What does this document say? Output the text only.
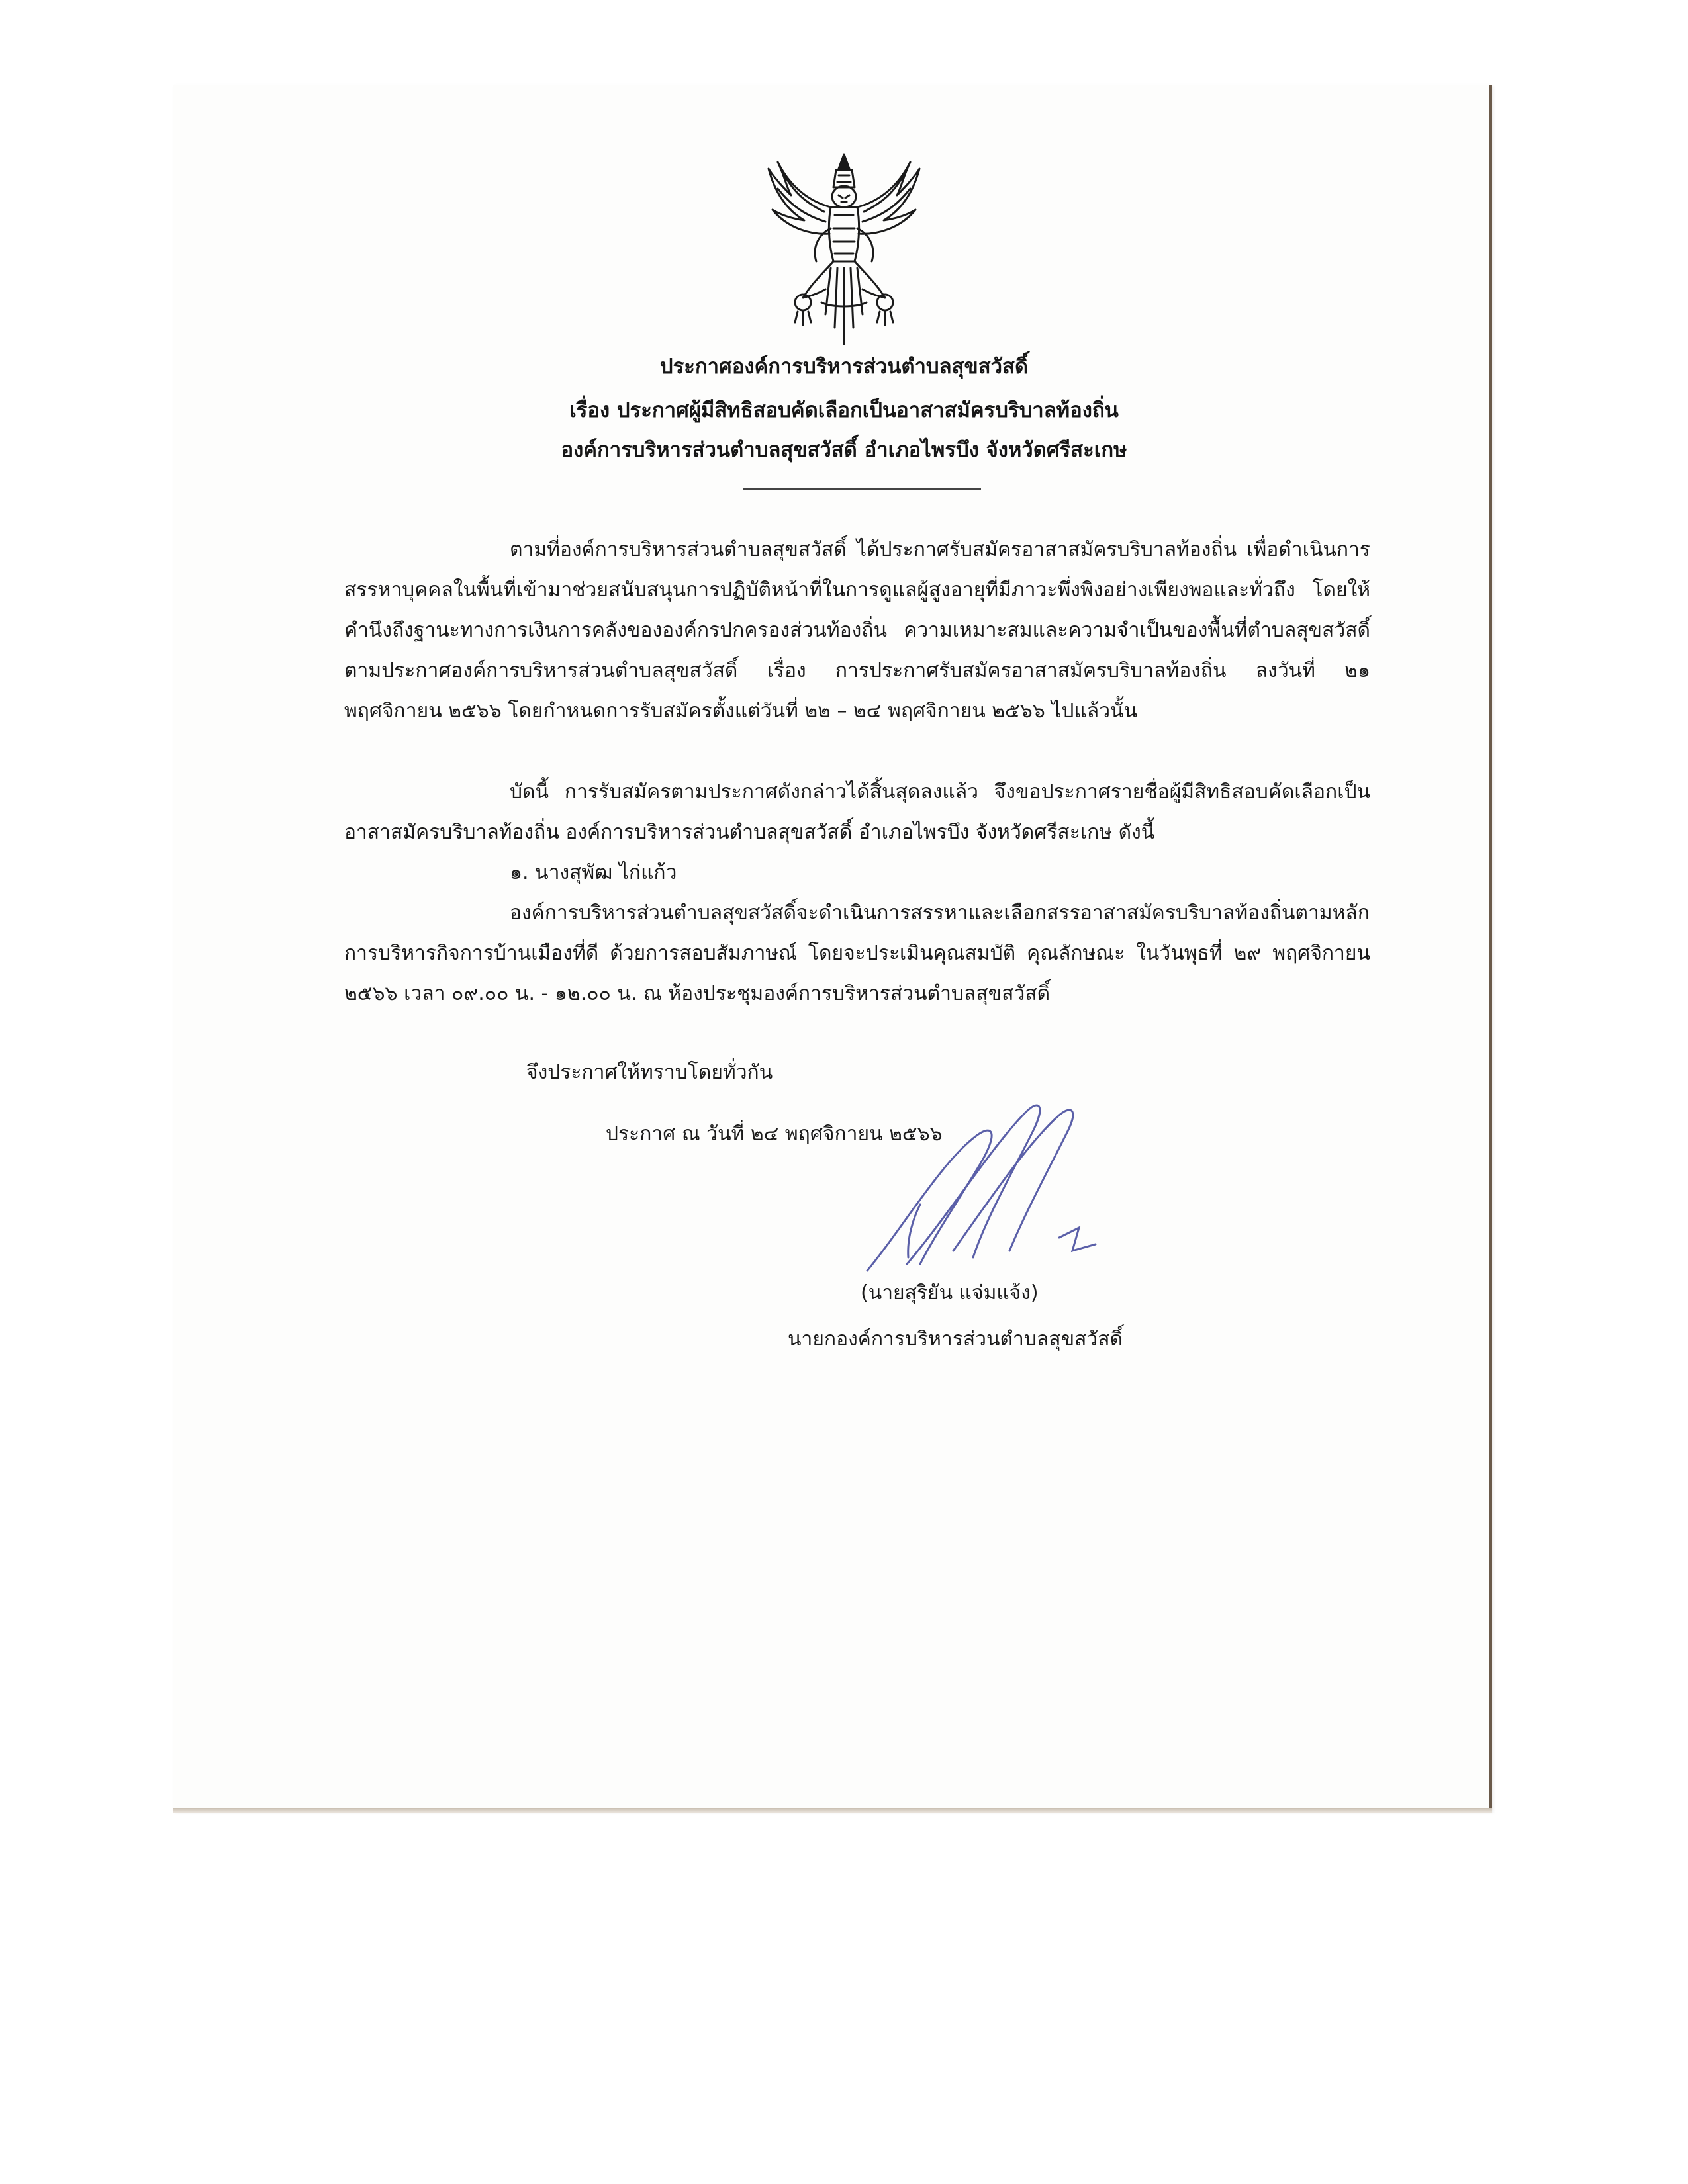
ประกาศองค์การบริหารส่วนตำบลสุขสวัสดิ์
เรื่อง ประกาศผู้มีสิทธิสอบคัดเลือกเป็นอาสาสมัครบริบาลท้องถิ่น
องค์การบริหารส่วนตำบลสุขสวัสดิ์ อำเภอไพรบึง จังหวัดศรีสะเกษ
ตามที่องค์การบริหารส่วนตำบลสุขสวัสดิ์ ได้ประกาศรับสมัครอาสาสมัครบริบาลท้องถิ่น เพื่อดำเนินการสรรหาบุคคลในพื้นที่เข้ามาช่วยสนับสนุนการปฏิบัติหน้าที่ในการดูแลผู้สูงอายุที่มีภาวะพึ่งพิงอย่างเพียงพอและทั่วถึง โดยให้คำนึงถึงฐานะทางการเงินการคลังขององค์กรปกครองส่วนท้องถิ่น ความเหมาะสมและความจำเป็นของพื้นที่ตำบลสุขสวัสดิ์ ตามประกาศองค์การบริหารส่วนตำบลสุขสวัสดิ์ เรื่อง การประกาศรับสมัครอาสาสมัครบริบาลท้องถิ่น ลงวันที่ ๒๑ พฤศจิกายน ๒๕๖๖ โดยกำหนดการรับสมัครตั้งแต่วันที่ ๒๒ – ๒๔ พฤศจิกายน ๒๕๖๖ ไปแล้วนั้น
บัดนี้ การรับสมัครตามประกาศดังกล่าวได้สิ้นสุดลงแล้ว จึงขอประกาศรายชื่อผู้มีสิทธิสอบคัดเลือกเป็นอาสาสมัครบริบาลท้องถิ่น องค์การบริหารส่วนตำบลสุขสวัสดิ์ อำเภอไพรบึง จังหวัดศรีสะเกษ ดังนี้
๑. นางสุพัฒ ไก่แก้ว
องค์การบริหารส่วนตำบลสุขสวัสดิ์จะดำเนินการสรรหาและเลือกสรรอาสาสมัครบริบาลท้องถิ่นตามหลักการบริหารกิจการบ้านเมืองที่ดี ด้วยการสอบสัมภาษณ์ โดยจะประเมินคุณสมบัติ คุณลักษณะ ในวันพุธที่ ๒๙ พฤศจิกายน ๒๕๖๖ เวลา ๐๙.๐๐ น. - ๑๒.๐๐ น. ณ ห้องประชุมองค์การบริหารส่วนตำบลสุขสวัสดิ์
จึงประกาศให้ทราบโดยทั่วกัน
ประกาศ ณ วันที่ ๒๔ พฤศจิกายน ๒๕๖๖
(นายสุริยัน แจ่มแจ้ง)
นายกองค์การบริหารส่วนตำบลสุขสวัสดิ์
